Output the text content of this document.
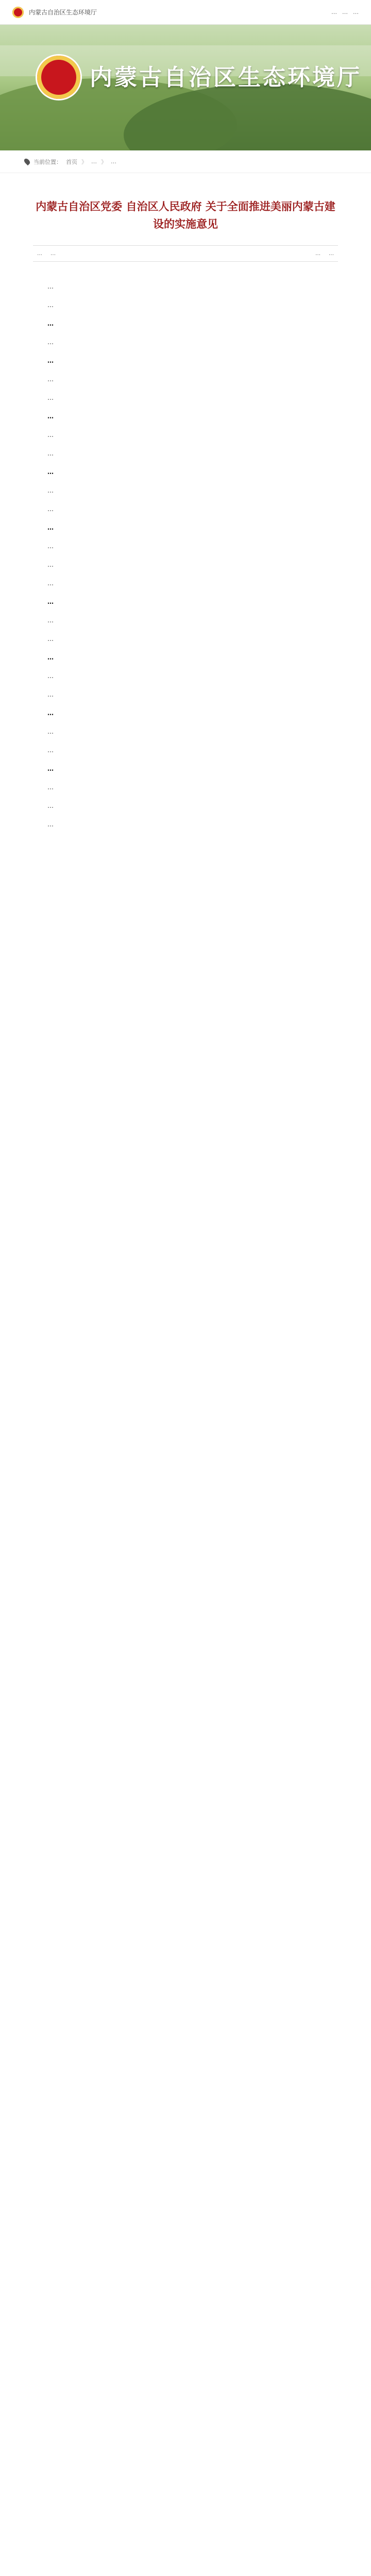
内蒙古自治区生态环境厅	… … …
内蒙古自治区生态环境厅
当前位置： 首页 》 … 》 …
内蒙古自治区党委 自治区人民政府 关于全面推进美丽内蒙古建设的实施意见
… …	… …

…

…

…

…

…

…

…

…

…

…

…

…

…

…

…

…

…

…

…

…

…

…

…

…

…

…

…

…

…

…
